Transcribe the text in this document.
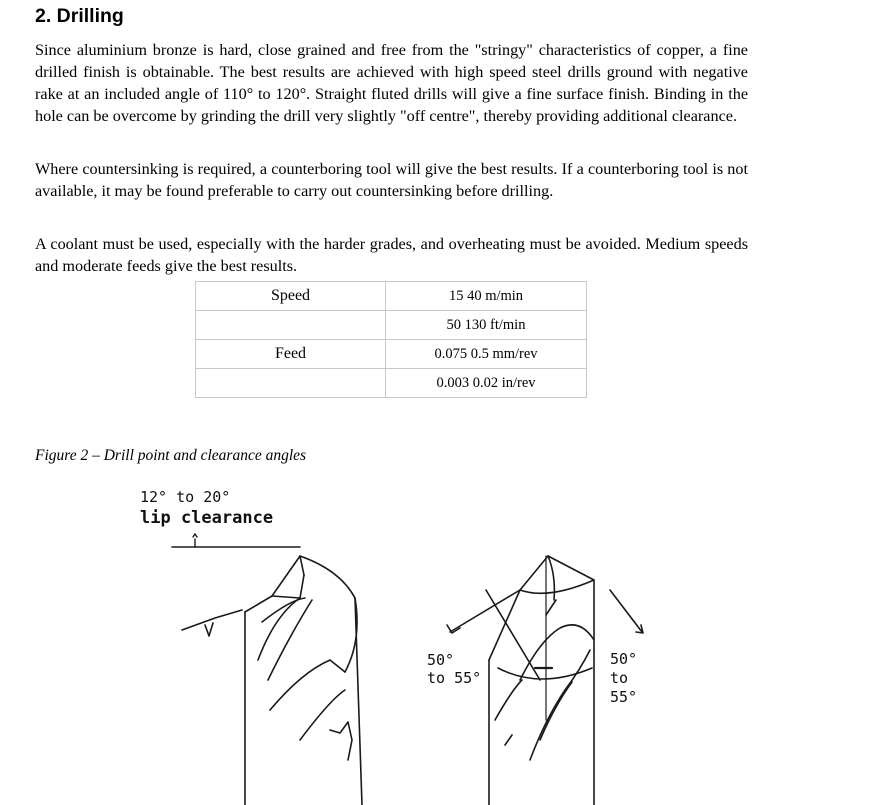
2. Drilling

Since aluminium bronze is hard, close grained and free from the "stringy" characteristics of copper, a fine drilled finish is obtainable. The best results are achieved with high speed steel drills ground with negative rake at an included angle of 110° to 120°. Straight fluted drills will give a fine surface finish. Binding in the hole can be overcome by grinding the drill very slightly "off centre", thereby providing additional clearance.

Where countersinking is required, a counterboring tool will give the best results. If a counterboring tool is not available, it may be found preferable to carry out countersinking before drilling.

A coolant must be used, especially with the harder grades, and overheating must be avoided. Medium speeds and moderate feeds give the best results.

Speed	15 40 m/min
	50 130 ft/min
Feed	0.075 0.5 mm/rev
	0.003 0.02 in/rev

Figure 2 – Drill point and clearance angles

12° to 20°
lip clearance
50°
to 55°
50°
to
55°
